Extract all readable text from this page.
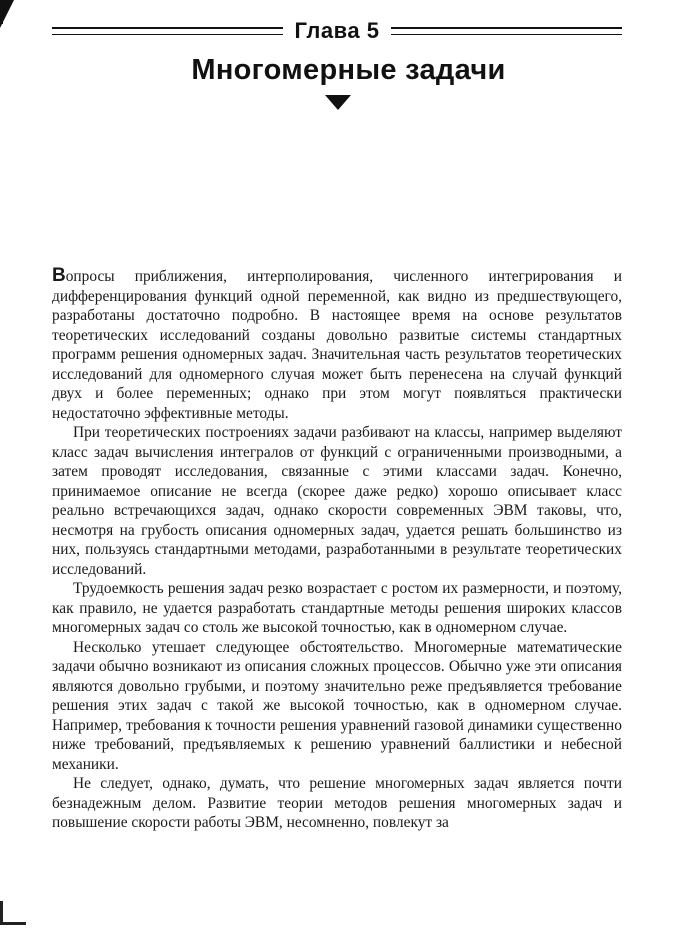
Глава 5
Многомерные задачи

Вопросы приближения, интерполирования, численного интегрирования и дифференцирования функций одной переменной, как видно из предшествующего, разработаны достаточно подробно. В настоящее время на основе результатов теоретических исследований созданы довольно развитые системы стандартных программ решения одномерных задач. Значительная часть результатов теоретических исследований для одномерного случая может быть перенесена на случай функций двух и более переменных; однако при этом могут появляться практически недостаточно эффективные методы.

При теоретических построениях задачи разбивают на классы, например выделяют класс задач вычисления интегралов от функций с ограниченными производными, а затем проводят исследования, связанные с этими классами задач. Конечно, принимаемое описание не всегда (скорее даже редко) хорошо описывает класс реально встречающихся задач, однако скорости современных ЭВМ таковы, что, несмотря на грубость описания одномерных задач, удается решать большинство из них, пользуясь стандартными методами, разработанными в результате теоретических исследований.

Трудоемкость решения задач резко возрастает с ростом их размерности, и поэтому, как правило, не удается разработать стандартные методы решения широких классов многомерных задач со столь же высокой точностью, как в одномерном случае.

Несколько утешает следующее обстоятельство. Многомерные математические задачи обычно возникают из описания сложных процессов. Обычно уже эти описания являются довольно грубыми, и поэтому значительно реже предъявляется требование решения этих задач с такой же высокой точностью, как в одномерном случае. Например, требования к точности решения уравнений газовой динамики существенно ниже требований, предъявляемых к решению уравнений баллистики и небесной механики.

Не следует, однако, думать, что решение многомерных задач является почти безнадежным делом. Развитие теории методов решения многомерных задач и повышение скорости работы ЭВМ, несомненно, повлекут за
